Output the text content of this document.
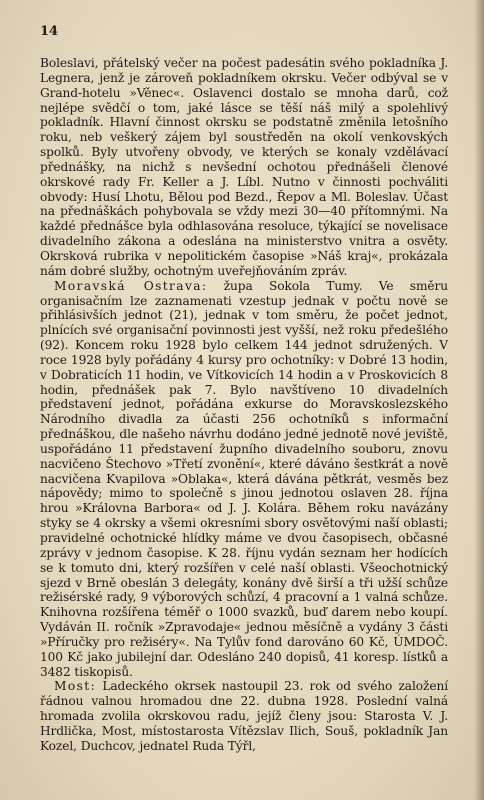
14

Boleslavi, přátelský večer na počest padesátin svého pokladníka J. Legnera, jenž je zároveň pokladníkem okrsku. Večer odbýval se v Grand-hotelu »Věnec«. Oslavenci dostalo se mnoha darů, což nejlépe svědčí o tom, jaké lásce se těší náš milý a spolehlivý pokladník. Hlavní činnost okrsku se podstatně změnila letošního roku, neb veškerý zájem byl soustředěn na okolí venkovských spolků. Byly utvořeny obvody, ve kterých se konaly vzdělávací přednášky, na nichž s nevšední ochotou přednášeli členové okrskové rady Fr. Keller a J. Líbl. Nutno v činnosti pochváliti obvody: Husí Lhotu, Bělou pod Bezd., Řepov a Ml. Boleslav. Účast na přednáškách pohybovala se vždy mezi 30—40 přítomnými. Na každé přednášce byla odhlasována resoluce, týkající se novelisace divadelního zákona a odeslána na ministerstvo vnitra a osvěty. Okrsková rubrika v nepolitickém časopise »Náš kraj«, prokázala nám dobré služby, ochotným uveřejňováním zpráv.

Moravská Ostrava: župa Sokola Tumy. Ve směru organisačním lze zaznamenati vzestup jednak v počtu nově se přihlásivších jednot (21), jednak v tom směru, že počet jednot, plnících své organisační povinnosti jest vyšší, než roku předešlého (92). Koncem roku 1928 bylo celkem 144 jednot sdružených. V roce 1928 byly pořádány 4 kursy pro ochotníky: v Dobré 13 hodin, v Dobraticích 11 hodin, ve Vítkovicích 14 hodin a v Proskovicích 8 hodin, přednášek pak 7. Bylo navštíveno 10 divadelních představení jednot, pořádána exkurse do Moravskoslezského Národního divadla za účasti 256 ochotníků s informační přednáškou, dle našeho návrhu dodáno jedné jednotě nové jeviště, uspořádáno 11 představení župního divadelního souboru, znovu nacvičeno Štechovo »Třetí zvonění«, které dáváno šestkrát a nově nacvičena Kvapilova »Oblaka«, která dávána pětkrát, vesměs bez nápovědy; mimo to společně s jinou jednotou oslaven 28. října hrou »Královna Barbora« od J. J. Kolára. Během roku navázány styky se 4 okrsky a všemi okresními sbory osvětovými naší oblasti; pravidelné ochotnické hlídky máme ve dvou časopisech, občasné zprávy v jednom časopise. K 28. říjnu vydán seznam her hodících se k tomuto dni, který rozšířen v celé naší oblasti. Všeochotnický sjezd v Brně obeslán 3 delegáty, konány dvě širší a tři užší schůze režisérské rady, 9 výborových schůzí, 4 pracovní a 1 valná schůze. Knihovna rozšířena téměř o 1000 svazků, buď darem nebo koupí. Vydáván II. ročník »Zpravodaje« jednou měsíčně a vydány 3 části »Příručky pro režiséry«. Na Tylův fond darováno 60 Kč, ÚMDOČ. 100 Kč jako jubilejní dar. Odesláno 240 dopisů, 41 koresp. lístků a 3482 tiskopisů.

Most: Ladeckého okrsek nastoupil 23. rok od svého založení řádnou valnou hromadou dne 22. dubna 1928. Poslední valná hromada zvolila okrskovou radu, jejíž členy jsou: Starosta V. J. Hrdlička, Most, místostarosta Vítězslav Ilich, Souš, pokladník Jan Kozel, Duchcov, jednatel Ruda Týřl,
